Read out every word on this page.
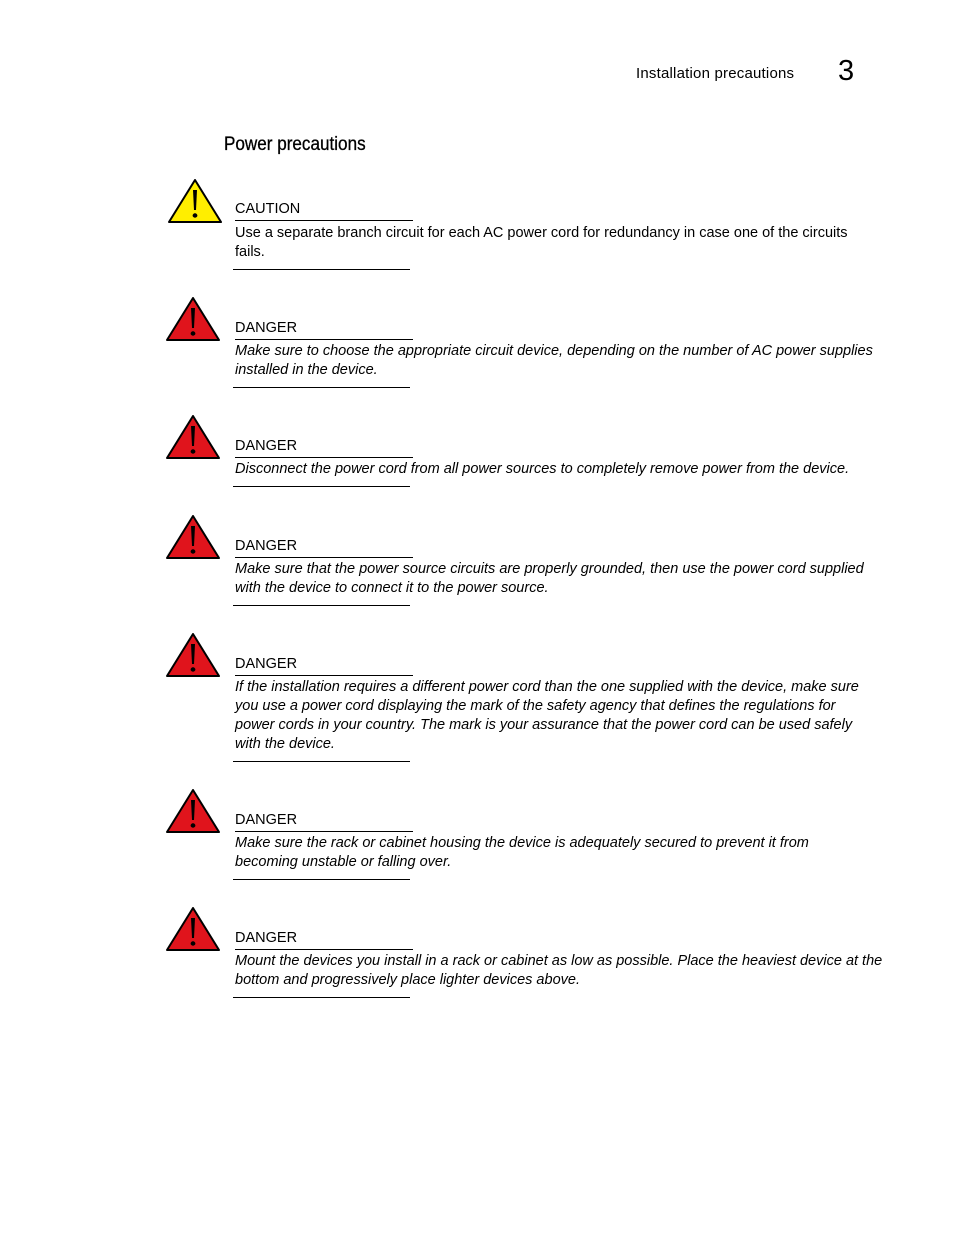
Installation precautions 3
Power precautions
CAUTION
Use a separate branch circuit for each AC power cord for redundancy in case one of the circuits fails.
DANGER
Make sure to choose the appropriate circuit device, depending on the number of AC power supplies installed in the device.
DANGER
Disconnect the power cord from all power sources to completely remove power from the device.
DANGER
Make sure that the power source circuits are properly grounded, then use the power cord supplied with the device to connect it to the power source.
DANGER
If the installation requires a different power cord than the one supplied with the device, make sure you use a power cord displaying the mark of the safety agency that defines the regulations for power cords in your country. The mark is your assurance that the power cord can be used safely with the device.
DANGER
Make sure the rack or cabinet housing the device is adequately secured to prevent it from becoming unstable or falling over.
DANGER
Mount the devices you install in a rack or cabinet as low as possible. Place the heaviest device at the bottom and progressively place lighter devices above.
